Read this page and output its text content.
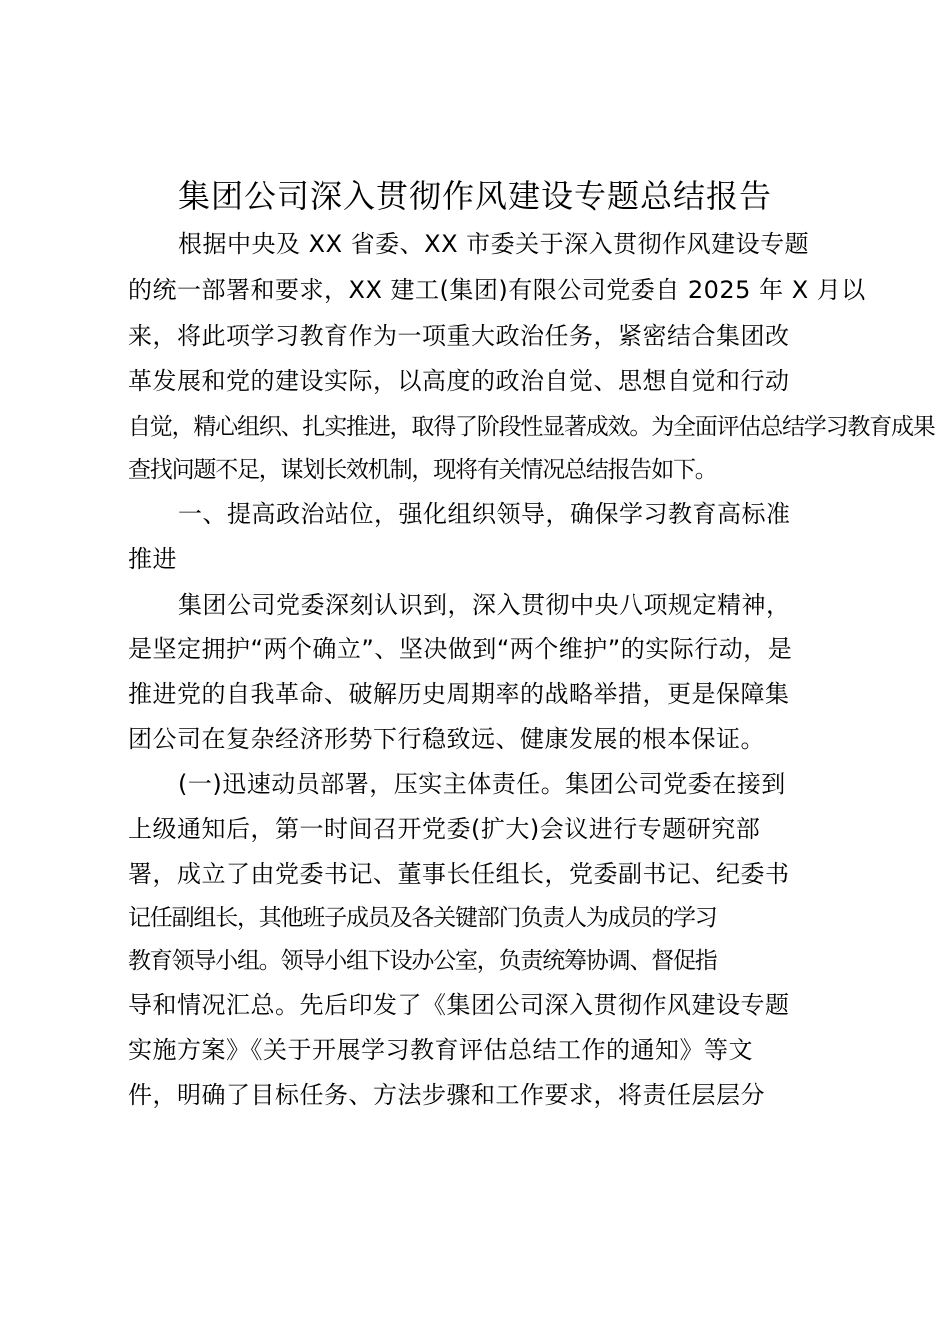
集团公司深入贯彻作风建设专题总结报告
根据中央及 XX 省委、XX 市委关于深入贯彻作风建设专题
的统一部署和要求，XX 建工(集团)有限公司党委自 2025 年 X 月以
来，将此项学习教育作为一项重大政治任务，紧密结合集团改
革发展和党的建设实际，以高度的政治自觉、思想自觉和行动
自觉，精心组织、扎实推进，取得了阶段性显著成效。为全面评估总结学习教育成果
查找问题不足，谋划长效机制，现将有关情况总结报告如下。
一、提高政治站位，强化组织领导，确保学习教育高标准
推进
集团公司党委深刻认识到，深入贯彻中央八项规定精神，
是坚定拥护“两个确立”、坚决做到“两个维护”的实际行动，是
推进党的自我革命、破解历史周期率的战略举措，更是保障集
团公司在复杂经济形势下行稳致远、健康发展的根本保证。
(一)迅速动员部署，压实主体责任。集团公司党委在接到
上级通知后，第一时间召开党委(扩大)会议进行专题研究部
署，成立了由党委书记、董事长任组长，党委副书记、纪委书
记任副组长，其他班子成员及各关键部门负责人为成员的学习
教育领导小组。领导小组下设办公室，负责统筹协调、督促指
导和情况汇总。先后印发了《集团公司深入贯彻作风建设专题
实施方案》《关于开展学习教育评估总结工作的通知》等文
件，明确了目标任务、方法步骤和工作要求，将责任层层分
